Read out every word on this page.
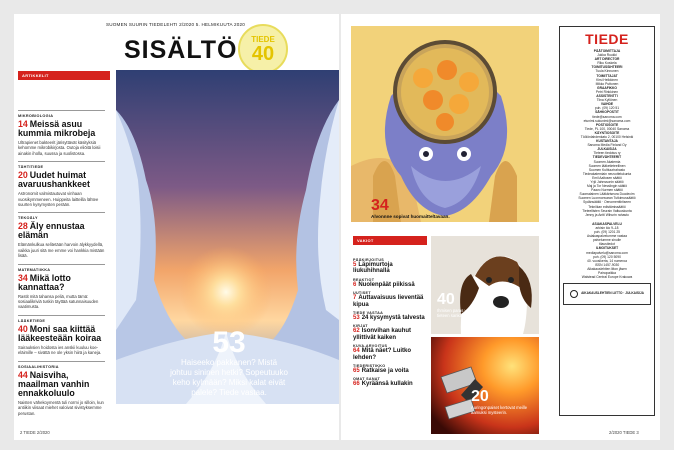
SUOMEN SUURIN TIEDELEHTI 2/2020 5. HELMIKUUTA 2020
SISÄLTÖ	TIEDE
40
ARTIKKELIT
MIKROBIOLOGIA
14 Meissä asuu kummia mikrobeja
Ultrapienet bakteerit järisyttävät käsityksiä kehomme mikrobikirjosta. Outoja eliöitä loisii ainakin iholla, suussa ja suolistossa.
TÄHTITIEDE
20 Uudet huimat avaruushankkeet
Astronomit valmistautuvat vinhaan vuosikymmeneen. Huippeita laitteilla lähtee suurten kysymysten perään.
TEKOÄLY
28 Äly ennustaa elämän
Elämänkulkua selitetään harvoin älykkyydellä, vaikka juuri sitä me emme voi hankkia mistään lisää.
MATEMATIIKKA
34 Mikä lotto kannattaa?
Rastit mitä tahansa peliä, mutta tämä: sosiaalikriviä tuskin täyttää satunnaisuuden vaatimusta.
LÄÄKETIEDE
40 Moni saa kiittää lääkeesteään koiraa
Sairauksien hoidosta ies anskii kuuluu koe-eläimille – sivättä ne ole yksin hiirä ja kaneja.
SOSIAALIHISTORIA
44 Naisviha, maailman vanhin ennakkoluulo
Naisten vähekoymentä tuli normi jo silloin, kun antiikin viisaat miehet valoivat sivistyksemme perustan.
53
Haiseeko pakkanen? Mistä johtuu sininen hetki? Sopeutuuko keho kylmään? Miksi kalat eivät palele? Tiede vastaa.
2 TIEDE 2/2020
34
Alvonnne sopivat huomaitteltavaan.
VAKIOT
PÄÄKIRJOITUS
5 Läpimurtoja liukuhihnalla
REAKTIOT
6 Nuolenpäät piikissä
UUTISET
7 Auttavaisuus lieventää kipua
TIEDE VASTAA
53 24 kysymystä talvesta
KIRJAT
62 Isonvihan kauhut yllittivät kaiken
KUVA-ARVOITUS
64 Mitä näet? Luitko lehden?
TIEDERISTIKKO
65 Ratkaise ja voita
OMAT SANAT
66 Kyräänsä kullakin
40
Ihmisen paras ystävä on tieteen sankarin.
20
Auringonpaiset kertovat meille aamuksi mysteerin.
TIEDE
PÄÄTOIMITTAJA
Jukka Ruukki
ART DIRECTOR
Riku Koskela
TOIMITUSSIHTEERI
Tuula Kinnunen
TOIMITTAJAT
Kirsi Heikkinen
Mikko Puttonen
GRAAFIKKO
Petri Rinkkinen
ASSISTENTTI
Tiina Kyllönen
VAIHDE
puh. (09) 120 51
SÄHKÖPOSTIT
tiede@sanoma.com
etunimi.sukunimi@sanoma.com
POSTIOSOITE
Tiede, PL 100, 00040 Sanoma
KÄYNTIOSOITE
Töölönlahdenkatu 2, 00100 Helsinki
KUSTANTAJA
Sanoma Media Finland Oy
JULKAISIJA
Tieteen tiedotus ry
TIEDEVÄHTEERIT
Suomen Akatemia
Suomen lääketieteellinen
Suomen Kulttuurirahasto
Tiedeakatemiain neuvottelukunta
Emil Aaltosen säätiö
Yrjö Jahnssonin säätiö
Maj ja Tor Nesslingin säätiö
Paavo Nurmen säätiö
Suomalainen Lääkäriseura Duodecim
Suomen Luonnonvaran Tutkimussäätiö
Sydänsäätiö · Oenomenttiriiseen
Tekniikan edistämissäätiö
Tieteellisten Seurain Valtuuskunta
Jenny ja Antti Wihurin rahasto
ASIAKASPALVELU
arkisin klo 9–18
puh. (09) 1201 25
Asiakaspalvelumme vastaa
palvelumme sinulle
tilaustiedot
ILMOITUKSET
mediapalvelu@sanoma.com
puh. (09) 120 5090
40. vuosikerta, 14 numeroa
ISSN 1457-9030
Aikakauslehtien liiton jäsen
Painopaikka
Walstead Central Europe Krakowa
AIKAKAUSLEHTIEN LIITTO · JULKAISIJA
2/2020 TIEDE 3
